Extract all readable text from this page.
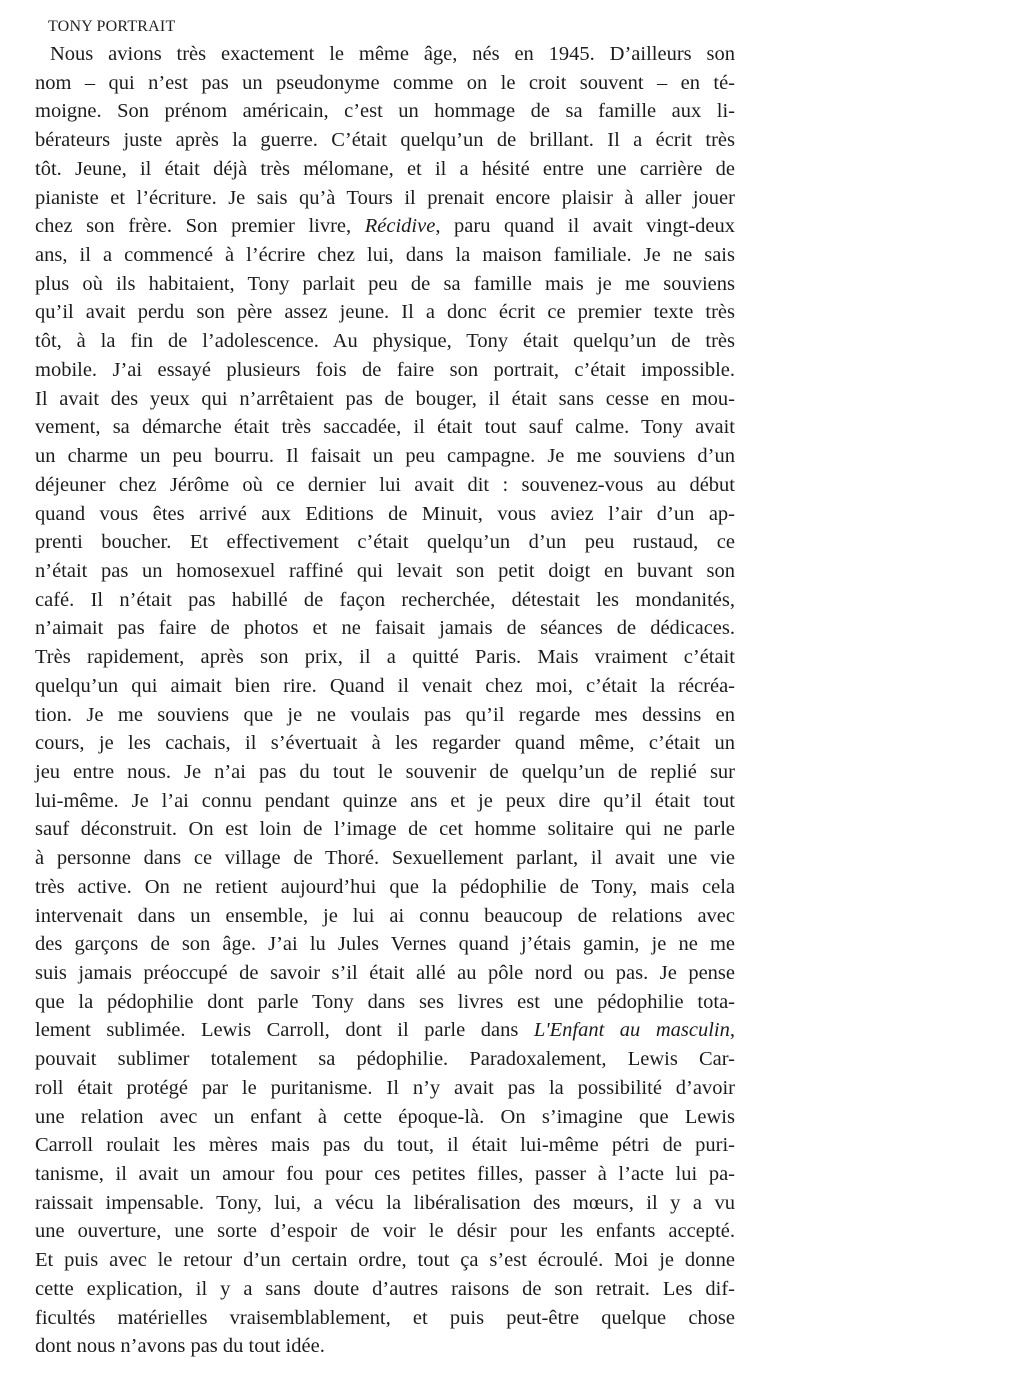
TONY PORTRAIT
Nous avions très exactement le même âge, nés en 1945. D’ailleurs son
nom – qui n’est pas un pseudonyme comme on le croit souvent – en té-
moigne. Son prénom américain, c’est un hommage de sa famille aux li-
bérateurs juste après la guerre. C’était quelqu’un de brillant. Il a écrit très
tôt. Jeune, il était déjà très mélomane, et il a hésité entre une carrière de
pianiste et l’écriture. Je sais qu’à Tours il prenait encore plaisir à aller jouer
chez son frère. Son premier livre, Récidive, paru quand il avait vingt-deux
ans, il a commencé à l’écrire chez lui, dans la maison familiale. Je ne sais
plus où ils habitaient, Tony parlait peu de sa famille mais je me souviens
qu’il avait perdu son père assez jeune. Il a donc écrit ce premier texte très
tôt, à la fin de l’adolescence. Au physique, Tony était quelqu’un de très
mobile. J’ai essayé plusieurs fois de faire son portrait, c’était impossible.
Il avait des yeux qui n’arrêtaient pas de bouger, il était sans cesse en mou-
vement, sa démarche était très saccadée, il était tout sauf calme. Tony avait
un charme un peu bourru. Il faisait un peu campagne. Je me souviens d’un
déjeuner chez Jérôme où ce dernier lui avait dit : souvenez-vous au début
quand vous êtes arrivé aux Editions de Minuit, vous aviez l’air d’un ap-
prenti boucher. Et effectivement c’était quelqu’un d’un peu rustaud, ce
n’était pas un homosexuel raffiné qui levait son petit doigt en buvant son
café. Il n’était pas habillé de façon recherchée, détestait les mondanités,
n’aimait pas faire de photos et ne faisait jamais de séances de dédicaces.
Très rapidement, après son prix, il a quitté Paris. Mais vraiment c’était
quelqu’un qui aimait bien rire. Quand il venait chez moi, c’était la récréa-
tion. Je me souviens que je ne voulais pas qu’il regarde mes dessins en
cours, je les cachais, il s’évertuait à les regarder quand même, c’était un
jeu entre nous. Je n’ai pas du tout le souvenir de quelqu’un de replié sur
lui-même. Je l’ai connu pendant quinze ans et je peux dire qu’il était tout
sauf déconstruit. On est loin de l’image de cet homme solitaire qui ne parle
à personne dans ce village de Thoré. Sexuellement parlant, il avait une vie
très active. On ne retient aujourd’hui que la pédophilie de Tony, mais cela
intervenait dans un ensemble, je lui ai connu beaucoup de relations avec
des garçons de son âge. J’ai lu Jules Vernes quand j’étais gamin, je ne me
suis jamais préoccupé de savoir s’il était allé au pôle nord ou pas. Je pense
que la pédophilie dont parle Tony dans ses livres est une pédophilie tota-
lement sublimée. Lewis Carroll, dont il parle dans L'Enfant au masculin,
pouvait sublimer totalement sa pédophilie. Paradoxalement, Lewis Car-
roll était protégé par le puritanisme. Il n’y avait pas la possibilité d’avoir
une relation avec un enfant à cette époque-là. On s’imagine que Lewis
Carroll roulait les mères mais pas du tout, il était lui-même pétri de puri-
tanisme, il avait un amour fou pour ces petites filles, passer à l’acte lui pa-
raissait impensable. Tony, lui, a vécu la libéralisation des mœurs, il y a vu
une ouverture, une sorte d’espoir de voir le désir pour les enfants accepté.
Et puis avec le retour d’un certain ordre, tout ça s’est écroulé. Moi je donne
cette explication, il y a sans doute d’autres raisons de son retrait. Les dif-
ficultés matérielles vraisemblablement, et puis peut-être quelque chose
dont nous n’avons pas du tout idée.
